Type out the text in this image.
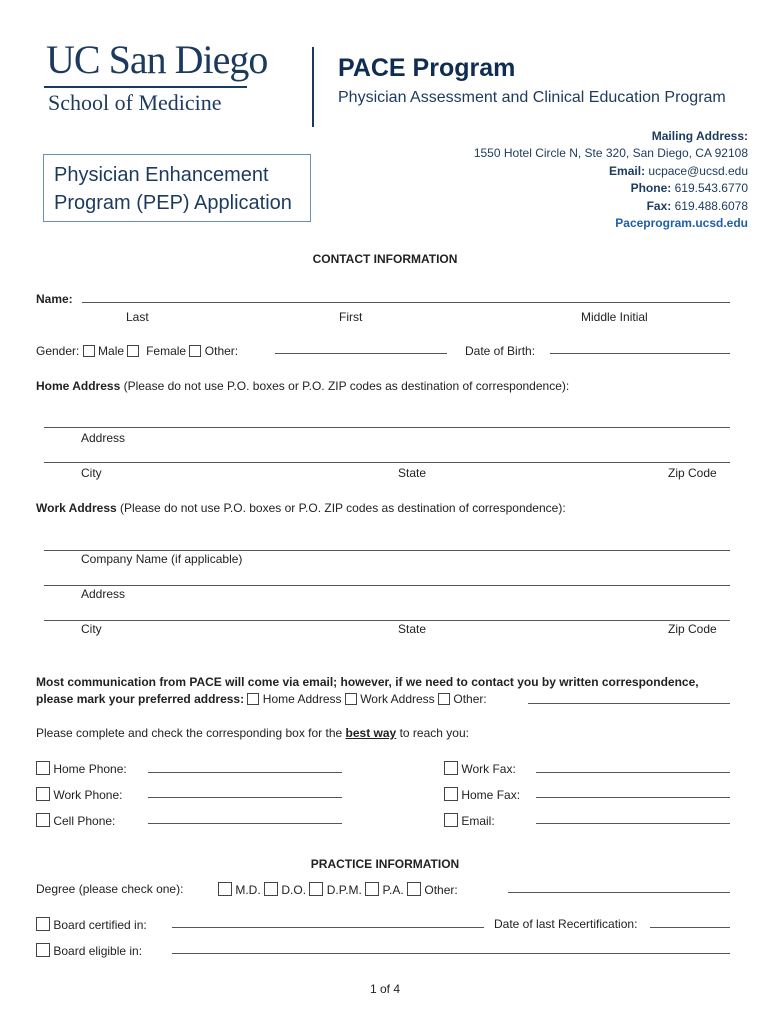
UC San Diego
School of Medicine
PACE Program
Physician Assessment and Clinical Education Program
Physician Enhancement
Program (PEP) Application
Mailing Address:
1550 Hotel Circle N, Ste 320, San Diego, CA 92108
Email: ucpace@ucsd.edu
Phone: 619.543.6770
Fax: 619.488.6078
Paceprogram.ucsd.edu
CONTACT INFORMATION
Name:
Last	First	Middle Initial
Gender: Male Female Other:	Date of Birth:
Home Address (Please do not use P.O. boxes or P.O. ZIP codes as destination of correspondence):
Address
City	State	Zip Code
Work Address (Please do not use P.O. boxes or P.O. ZIP codes as destination of correspondence):
Company Name (if applicable)
Address
City	State	Zip Code
Most communication from PACE will come via email; however, if we need to contact you by written correspondence,
please mark your preferred address: Home Address Work Address Other:
Please complete and check the corresponding box for the best way to reach you:
Home Phone:
Work Phone:
Cell Phone:
Work Fax:
Home Fax:
Email:
PRACTICE INFORMATION
Degree (please check one):	M.D. D.O. D.P.M. P.A. Other:
Board certified in:	Date of last Recertification:
Board eligible in:
1 of 4
